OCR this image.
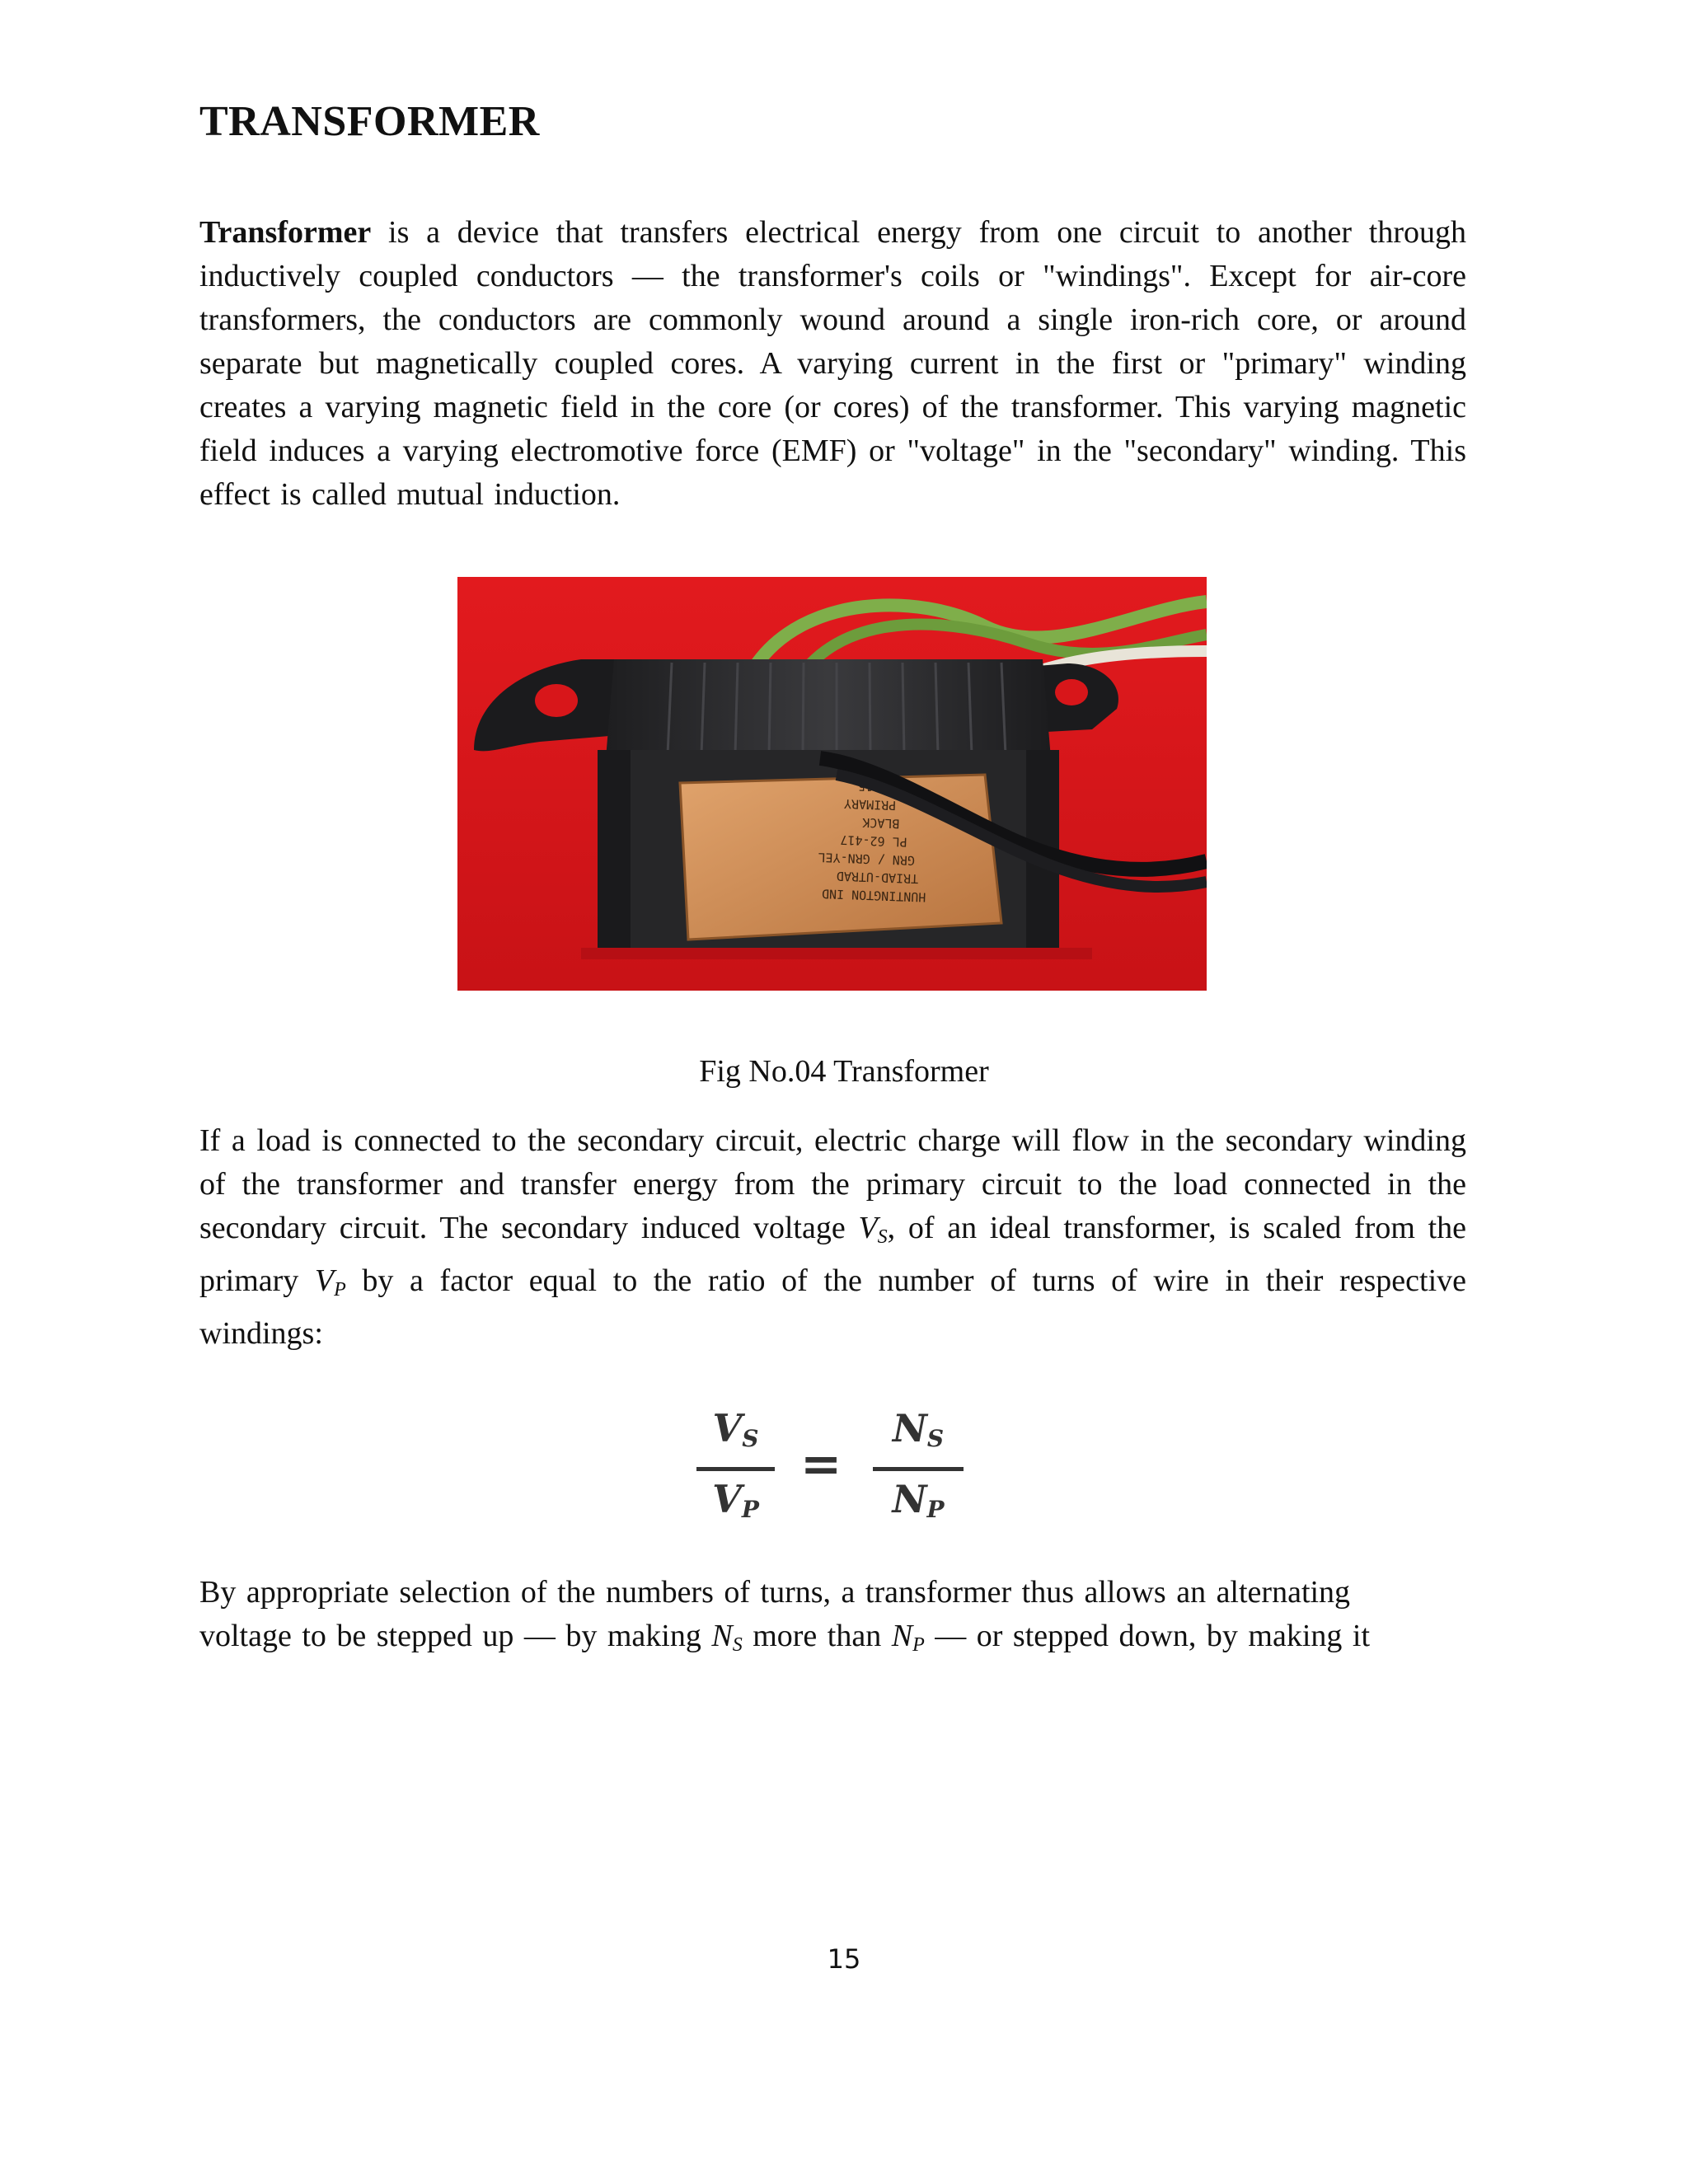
TRANSFORMER

Transformer is a device that transfers electrical energy from one circuit to another through inductively coupled conductors — the transformer's coils or "windings". Except for air-core transformers, the conductors are commonly wound around a single iron-rich core, or around separate but magnetically coupled cores. A varying current in the first or "primary" winding creates a varying magnetic field in the core (or cores) of the transformer. This varying magnetic field induces a varying electromotive force (EMF) or "voltage" in the "secondary" winding. This effect is called mutual induction.

HUNTINGTON IND
TRIAD-UTRAD
GRN / GRN-YEL
PL 62-417
BLACK
PRIMARY
115

Fig No.04 Transformer

If a load is connected to the secondary circuit, electric charge will flow in the secondary winding of the transformer and transfer energy from the primary circuit to the load connected in the secondary circuit. The secondary induced voltage $V_S$, of an ideal transformer, is scaled from the primary $V_P$ by a factor equal to the ratio of the number of turns of wire in their respective windings:

$V_S$
$V_P$
=
$N_S$
$N_P$

By appropriate selection of the numbers of turns, a transformer thus allows an alternating voltage to be stepped up — by making $N_S$ more than $N_P$ — or stepped down, by making it

15
